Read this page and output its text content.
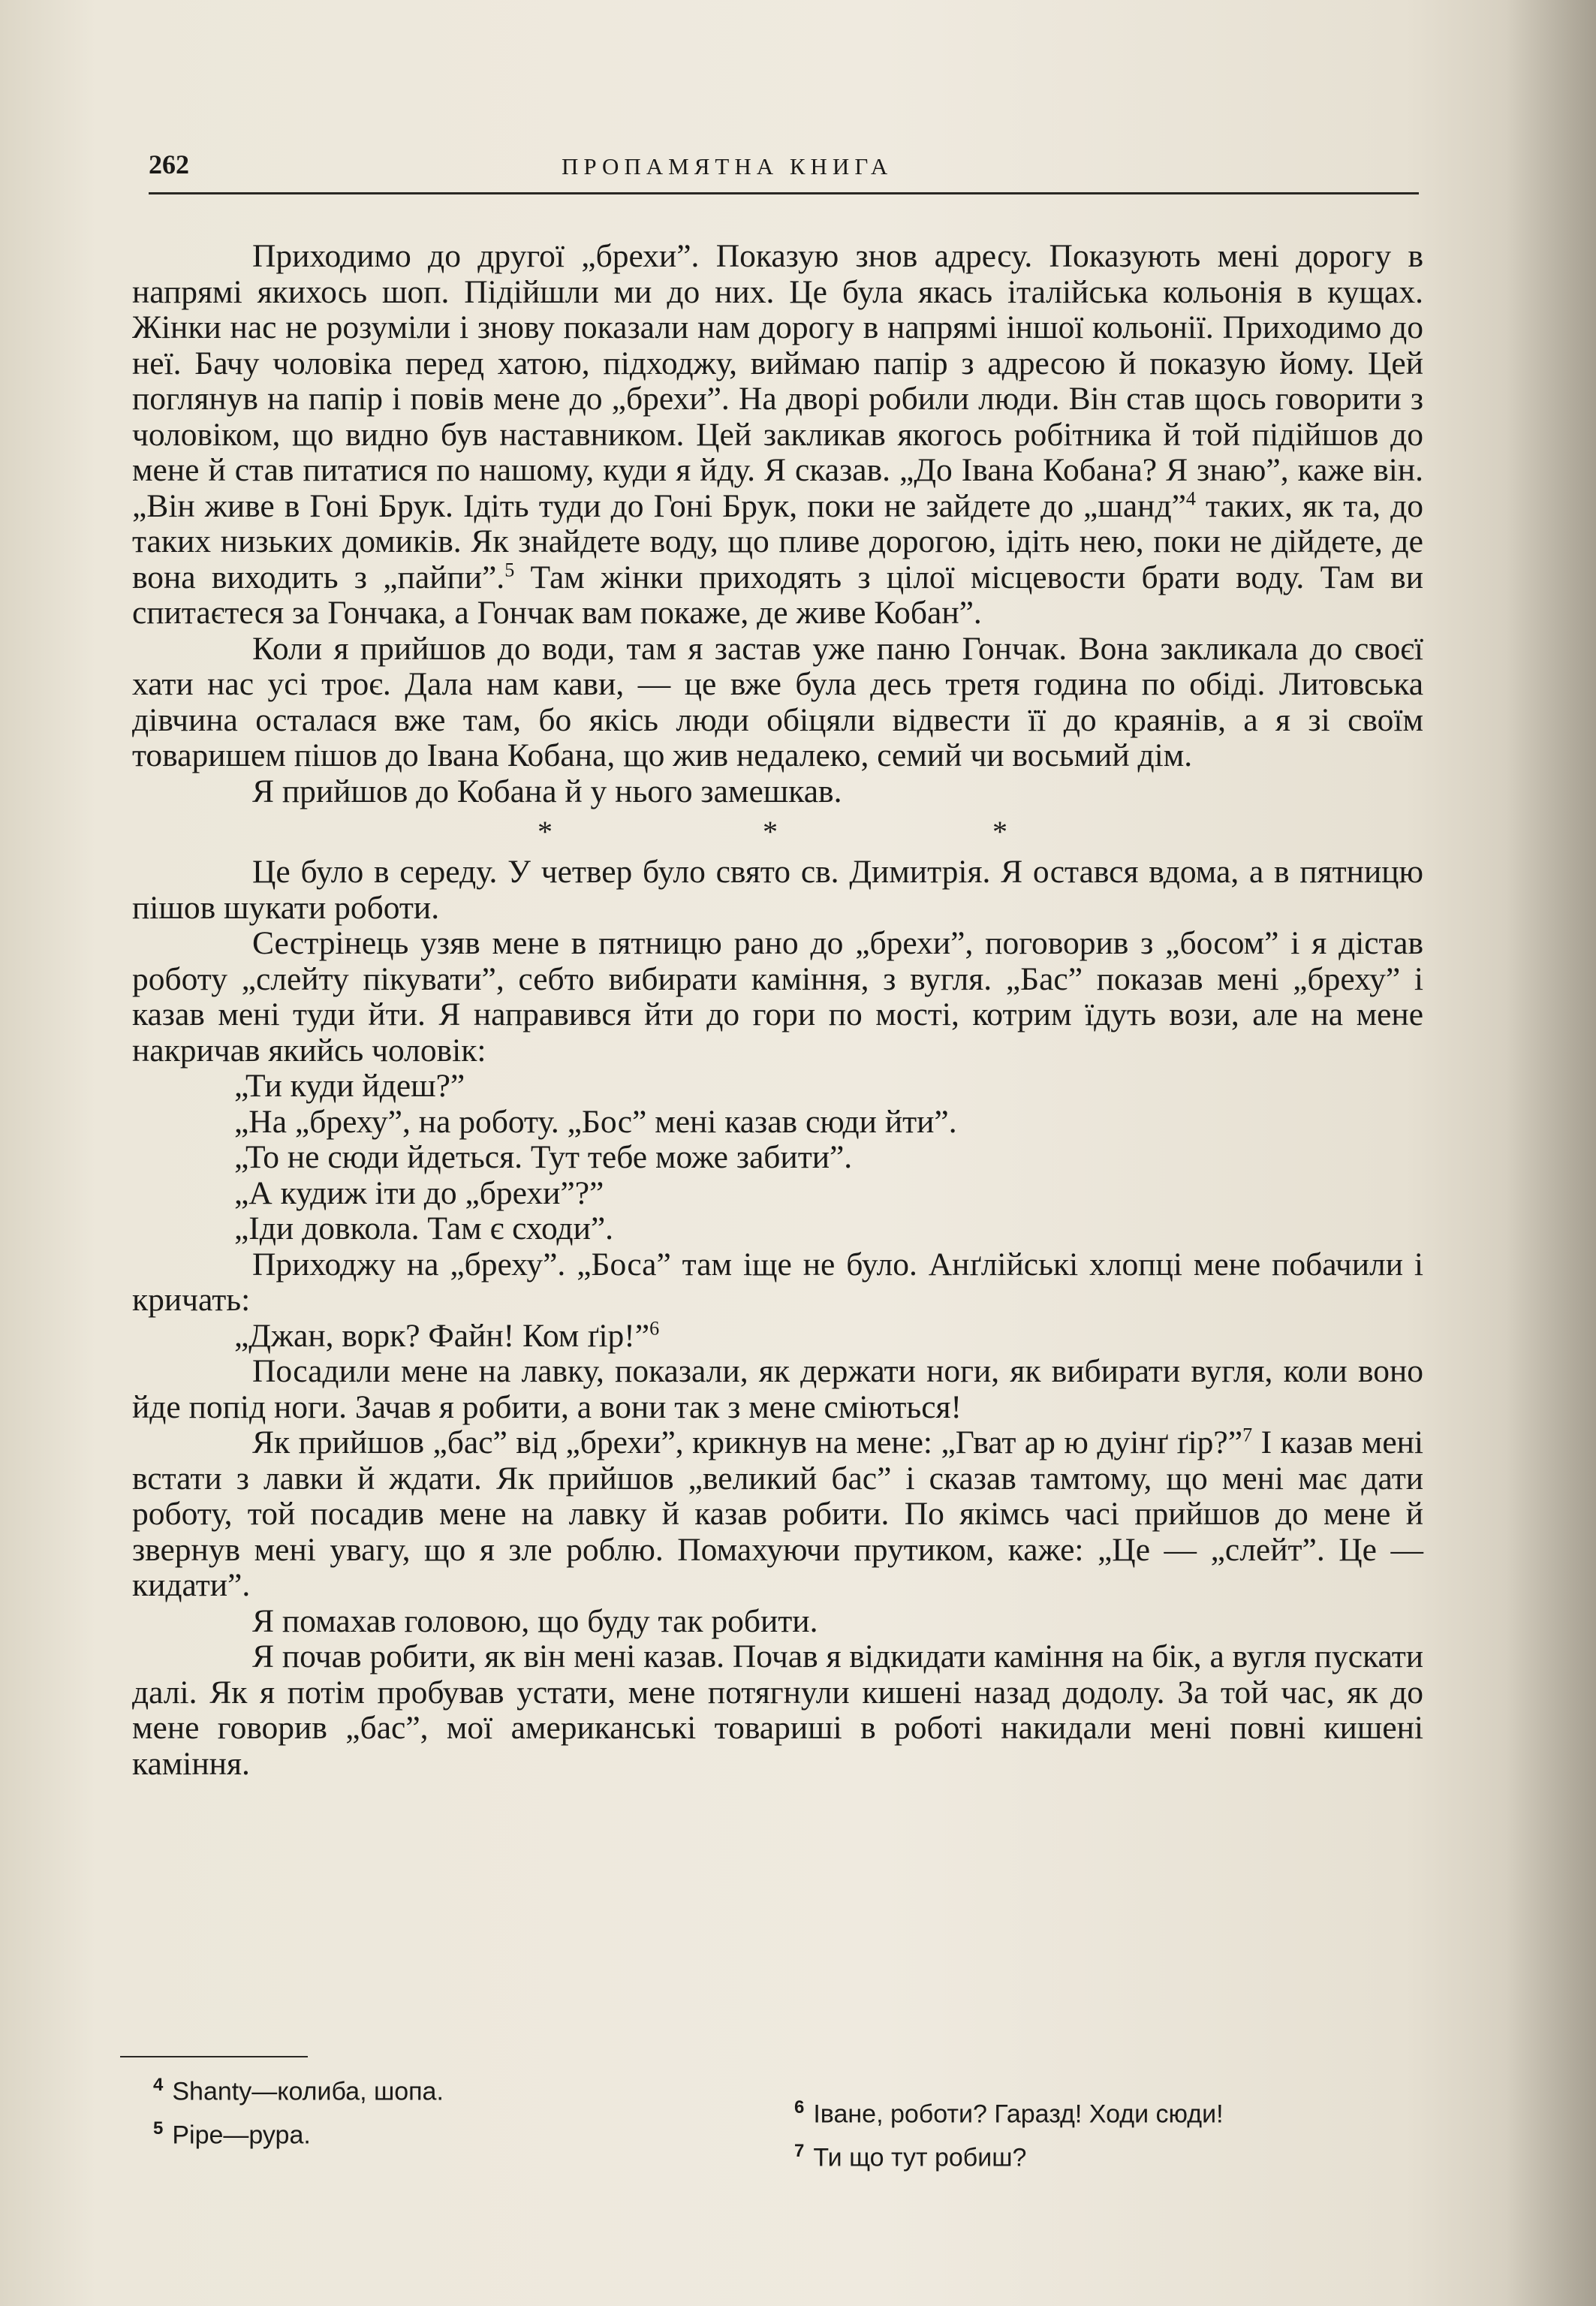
262	ПРОПАМЯТНА КНИГА

Приходимо до другої „брехи”. Показую знов адресу. Показують мені дорогу в напрямі якихось шоп. Підійшли ми до них. Це була якась італійська кольонія в кущах. Жінки нас не розуміли і знову показали нам дорогу в напрямі іншої кольонії. Приходимо до неї. Бачу чоловіка перед хатою, підходжу, виймаю папір з адресою й показую йому. Цей поглянув на папір і повів мене до „брехи”. На дворі робили люди. Він став щось говорити з чоловіком, що видно був наставником. Цей закликав якогось робітника й той підійшов до мене й став питатися по нашому, куди я йду. Я сказав. „До Івана Кобана? Я знаю”, каже він. „Він живе в Гоні Брук. Ідіть туди до Гоні Брук, поки не зайдете до „шанд”$^4$ таких, як та, до таких низьких домиків. Як знайдете воду, що пливе дорогою, ідіть нею, поки не дійдете, де вона виходить з „пайпи”.$^5$ Там жінки приходять з цілої місцевости брати воду. Там ви спитаєтеся за Гончака, а Гончак вам покаже, де живе Кобан”.

Коли я прийшов до води, там я застав уже паню Гончак. Вона закликала до своєї хати нас усі троє. Дала нам кави, — це вже була десь третя година по обіді. Литовська дівчина осталася вже там, бо якісь люди обіцяли відвести її до краянів, а я зі своїм товаришем пішов до Івана Кобана, що жив недалеко, семий чи восьмий дім.

Я прийшов до Кобана й у нього замешкав.

*	*	*

Це було в середу. У четвер було свято св. Димитрія. Я остався вдома, а в пятницю пішов шукати роботи.

Сестрінець узяв мене в пятницю рано до „брехи”, поговорив з „босом” і я дістав роботу „слейту пікувати”, себто вибирати каміння, з вугля. „Бас” показав мені „бреху” і казав мені туди йти. Я направився йти до гори по мості, котрим їдуть вози, але на мене накричав якийсь чоловік:

„Ти куди йдеш?”

„На „бреху”, на роботу. „Бос” мені казав сюди йти”.

„То не сюди йдеться. Тут тебе може забити”.

„А кудиж іти до „брехи”?”

„Іди довкола. Там є сходи”.

Приходжу на „бреху”. „Боса” там іще не було. Анґлійські хлопці мене побачили і кричать:

„Джан, ворк? Файн! Ком ґір!”$^6$

Посадили мене на лавку, показали, як держати ноги, як вибирати вугля, коли воно йде попід ноги. Зачав я робити, а вони так з мене сміються!

Як прийшов „бас” від „брехи”, крикнув на мене: „Гват ар ю дуінґ ґір?”$^7$ І казав мені встати з лавки й ждати. Як прийшов „великий бас” і сказав тамтому, що мені має дати роботу, той посадив мене на лавку й казав робити. По якімсь часі прийшов до мене й звернув мені увагу, що я зле роблю. Помахуючи прутиком, каже: „Це — „слейт”. Це — кидати”.

Я помахав головою, що буду так робити.

Я почав робити, як він мені казав. Почав я відкидати каміння на бік, а вугля пускати далі. Як я потім пробував устати, мене потягнули кишені назад додолу. За той час, як до мене говорив „бас”, мої американські товариші в роботі накидали мені повні кишені каміння.

$^4$ Shanty—колиба, шопа.
$^5$ Pipe—рура.
$^6$ Іване, роботи? Гаразд! Ходи сюди!
$^7$ Ти що тут робиш?
